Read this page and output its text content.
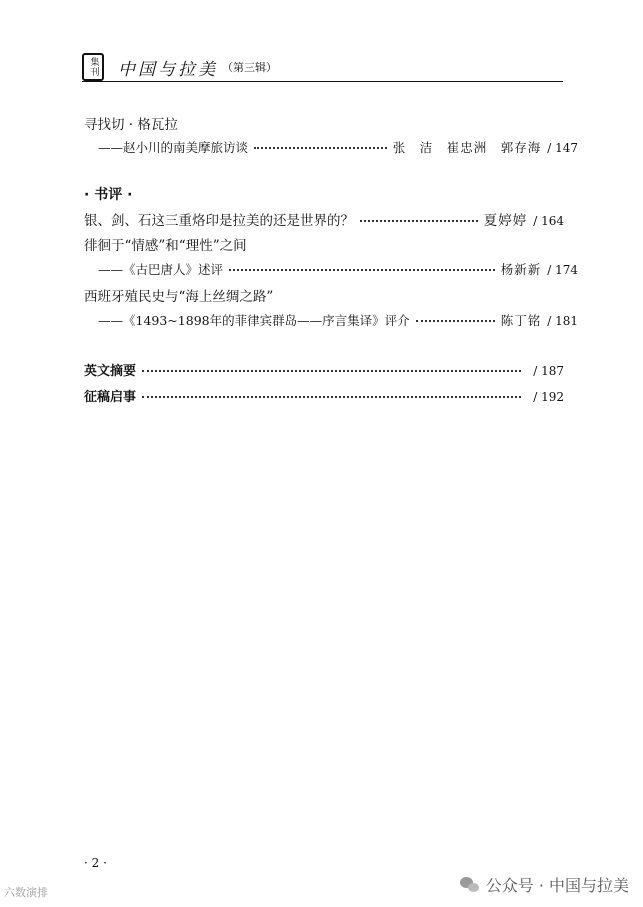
集刊	中国与拉美 （第三辑）
寻找切 · 格瓦拉
——赵小川的南美摩旅访谈	张　洁　崔忠洲　郭存海 / 147
· 书评 ·
银、剑、石这三重烙印是拉美的还是世界的？	夏婷婷 / 164
徘徊于“情感”和“理性”之间
——《古巴唐人》述评	杨新新 / 174
西班牙殖民史与“海上丝绸之路”
——《1493~1898年的菲律宾群岛——序言集译》评介	陈丁铭 / 181
英文摘要	/ 187
征稿启事	/ 192
· 2 ·
六数演排	公众号 · 中国与拉美
